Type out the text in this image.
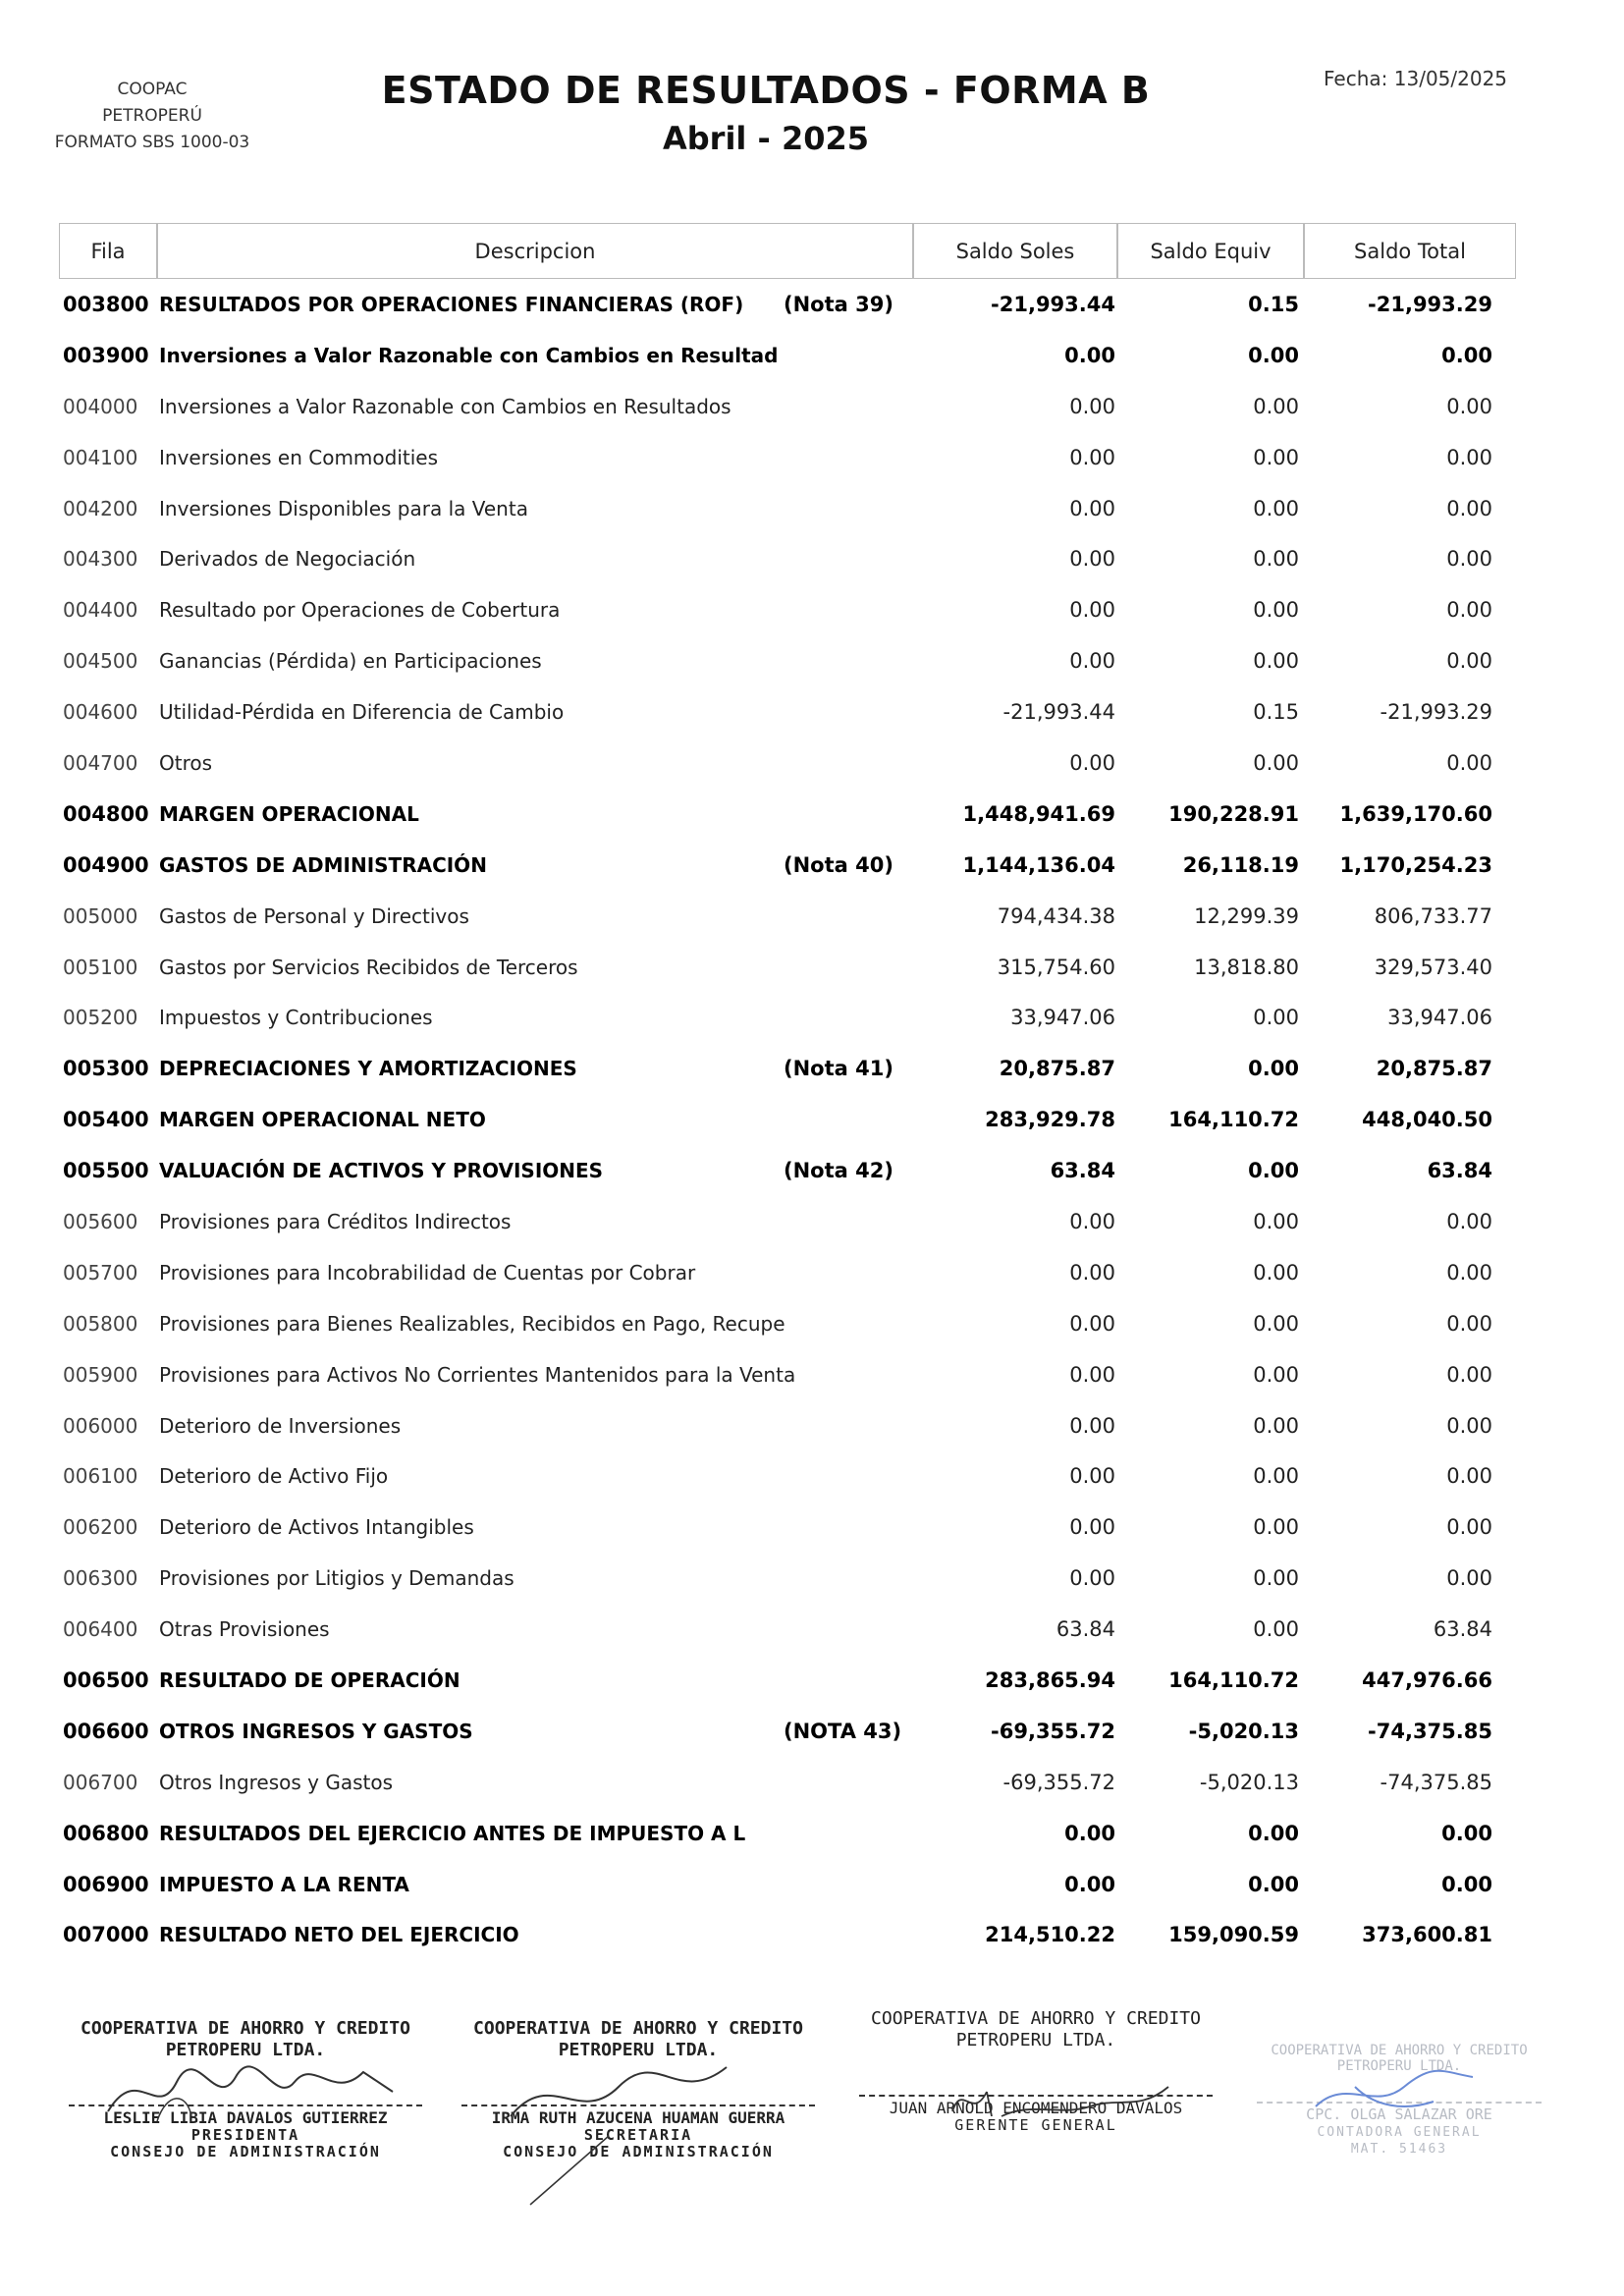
COOPAC
PETROPERÚ
FORMATO SBS 1000-03
ESTADO DE RESULTADOS - FORMA B
Abril - 2025
Fecha: 13/05/2025
Fila	Descripcion	Saldo Soles	Saldo Equiv	Saldo Total
003800 RESULTADOS POR OPERACIONES FINANCIERAS (ROF)	(Nota 39)	-21,993.44	0.15	-21,993.29
003900 Inversiones a Valor Razonable con Cambios en Resultad	0.00	0.00	0.00
004000 Inversiones a Valor Razonable con Cambios en Resultados	0.00	0.00	0.00
004100 Inversiones en Commodities	0.00	0.00	0.00
004200 Inversiones Disponibles para la Venta	0.00	0.00	0.00
004300 Derivados de Negociación	0.00	0.00	0.00
004400 Resultado por Operaciones de Cobertura	0.00	0.00	0.00
004500 Ganancias (Pérdida) en Participaciones	0.00	0.00	0.00
004600 Utilidad-Pérdida en Diferencia de Cambio	-21,993.44	0.15	-21,993.29
004700 Otros	0.00	0.00	0.00
004800 MARGEN OPERACIONAL	1,448,941.69	190,228.91 1,639,170.60
004900 GASTOS DE ADMINISTRACIÓN	(Nota 40)	1,144,136.04	26,118.19 1,170,254.23
005000 Gastos de Personal y Directivos	794,434.38	12,299.39	806,733.77
005100 Gastos por Servicios Recibidos de Terceros	315,754.60	13,818.80	329,573.40
005200 Impuestos y Contribuciones	33,947.06	0.00	33,947.06
005300 DEPRECIACIONES Y AMORTIZACIONES	(Nota 41)	20,875.87	0.00	20,875.87
005400 MARGEN OPERACIONAL NETO	283,929.78	164,110.72	448,040.50
005500 VALUACIÓN DE ACTIVOS Y PROVISIONES	(Nota 42)	63.84	0.00	63.84
005600 Provisiones para Créditos Indirectos	0.00	0.00	0.00
005700 Provisiones para Incobrabilidad de Cuentas por Cobrar	0.00	0.00	0.00
005800 Provisiones para Bienes Realizables, Recibidos en Pago, Recupe	0.00	0.00	0.00
005900 Provisiones para Activos No Corrientes Mantenidos para la Venta	0.00	0.00	0.00
006000 Deterioro de Inversiones	0.00	0.00	0.00
006100 Deterioro de Activo Fijo	0.00	0.00	0.00
006200 Deterioro de Activos Intangibles	0.00	0.00	0.00
006300 Provisiones por Litigios y Demandas	0.00	0.00	0.00
006400 Otras Provisiones	63.84	0.00	63.84
006500 RESULTADO DE OPERACIÓN	283,865.94	164,110.72	447,976.66
006600 OTROS INGRESOS Y GASTOS	(NOTA 43)	-69,355.72	-5,020.13	-74,375.85
006700 Otros Ingresos y Gastos	-69,355.72	-5,020.13	-74,375.85
006800 RESULTADOS DEL EJERCICIO ANTES DE IMPUESTO A L	0.00	0.00	0.00
006900 IMPUESTO A LA RENTA	0.00	0.00	0.00
007000 RESULTADO NETO DEL EJERCICIO	214,510.22	159,090.59	373,600.81
COOPERATIVA DE AHORRO Y CREDITO
PETROPERU LTDA.
LESLIE LIBIA DAVALOS GUTIERREZ
PRESIDENTA
CONSEJO DE ADMINISTRACIÓN
COOPERATIVA DE AHORRO Y CREDITO
PETROPERU LTDA.
IRMA RUTH AZUCENA HUAMAN GUERRA
SECRETARIA
CONSEJO DE ADMINISTRACIÓN
COOPERATIVA DE AHORRO Y CREDITO
PETROPERU LTDA.
JUAN ARNOLD ENCOMENDERO DAVALOS
GERENTE GENERAL
COOPERATIVA DE AHORRO Y CREDITO
PETROPERU LTDA.
CPC. OLGA SALAZAR ORE
CONTADORA GENERAL
MAT. 51463
